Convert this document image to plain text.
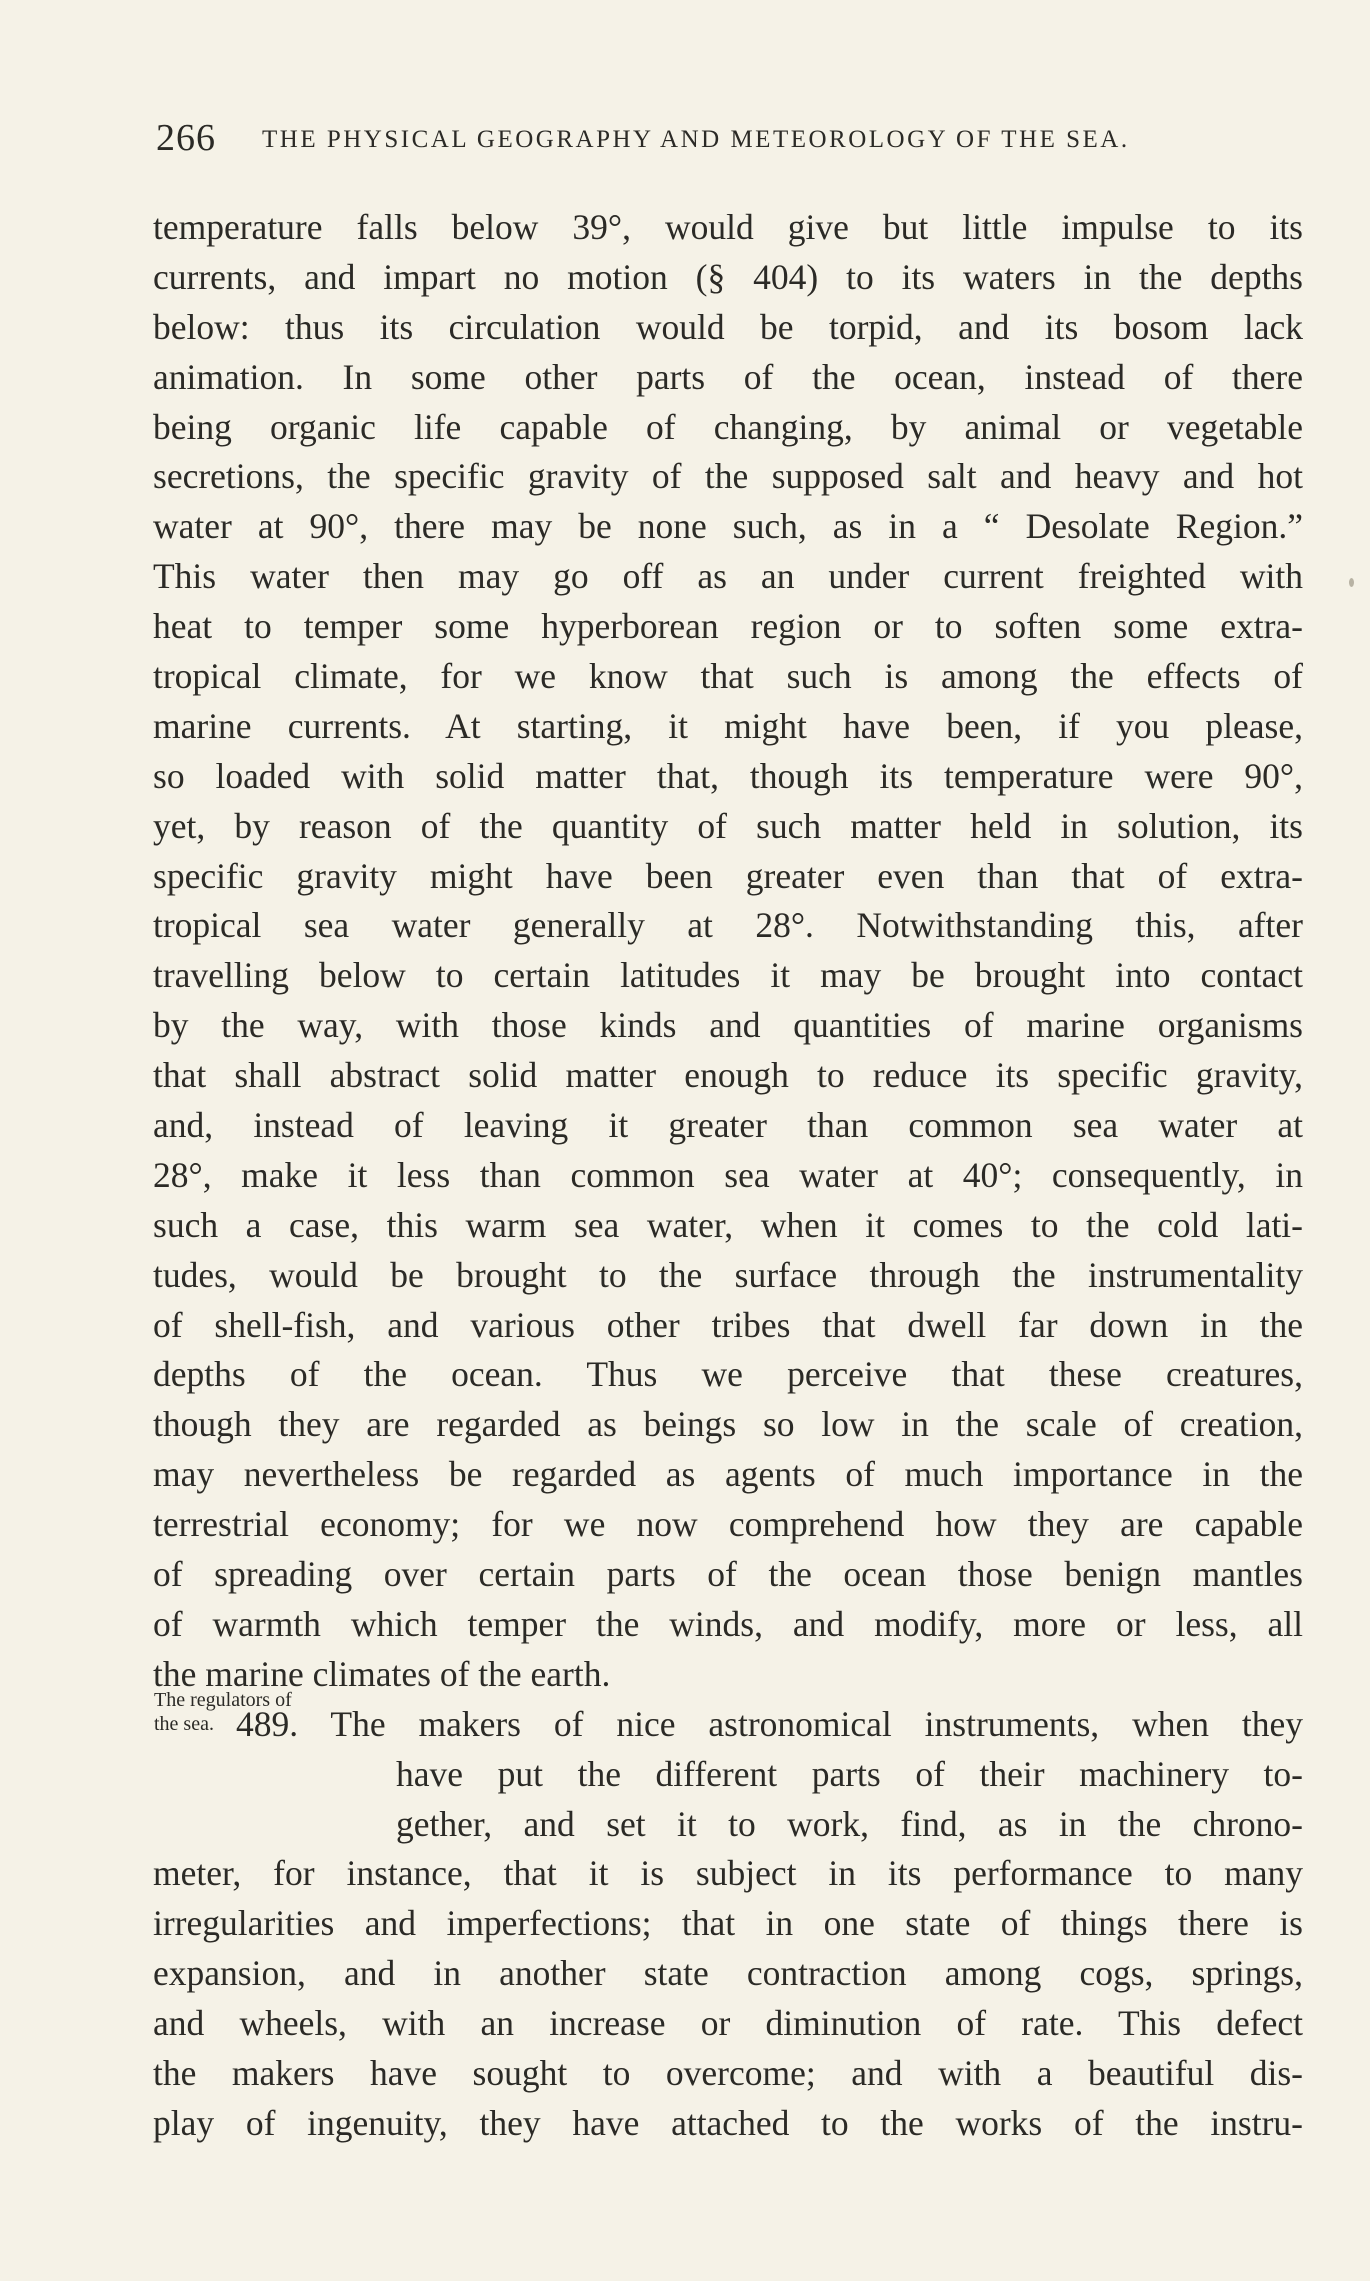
266 THE PHYSICAL GEOGRAPHY AND METEOROLOGY OF THE SEA.
temperature falls below 39°, would give but little impulse to its
currents, and impart no motion (§ 404) to its waters in the depths
below: thus its circulation would be torpid, and its bosom lack
animation. In some other parts of the ocean, instead of there
being organic life capable of changing, by animal or vegetable
secretions, the specific gravity of the supposed salt and heavy and hot
water at 90°, there may be none such, as in a “ Desolate Region.”
This water then may go off as an under current freighted with
heat to temper some hyperborean region or to soften some extra-
tropical climate, for we know that such is among the effects of
marine currents. At starting, it might have been, if you please,
so loaded with solid matter that, though its temperature were 90°,
yet, by reason of the quantity of such matter held in solution, its
specific gravity might have been greater even than that of extra-
tropical sea water generally at 28°. Notwithstanding this, after
travelling below to certain latitudes it may be brought into contact
by the way, with those kinds and quantities of marine organisms
that shall abstract solid matter enough to reduce its specific gravity,
and, instead of leaving it greater than common sea water at
28°, make it less than common sea water at 40°; consequently, in
such a case, this warm sea water, when it comes to the cold lati-
tudes, would be brought to the surface through the instrumentality
of shell-fish, and various other tribes that dwell far down in the
depths of the ocean. Thus we perceive that these creatures,
though they are regarded as beings so low in the scale of creation,
may nevertheless be regarded as agents of much importance in the
terrestrial economy; for we now comprehend how they are capable
of spreading over certain parts of the ocean those benign mantles
of warmth which temper the winds, and modify, more or less, all
the marine climates of the earth.
489. The makers of nice astronomical instruments, when they
have put the different parts of their machinery to-
gether, and set it to work, find, as in the chrono-
meter, for instance, that it is subject in its performance to many
irregularities and imperfections; that in one state of things there is
expansion, and in another state contraction among cogs, springs,
and wheels, with an increase or diminution of rate. This defect
the makers have sought to overcome; and with a beautiful dis-
play of ingenuity, they have attached to the works of the instru-
The regulators of
the sea.
